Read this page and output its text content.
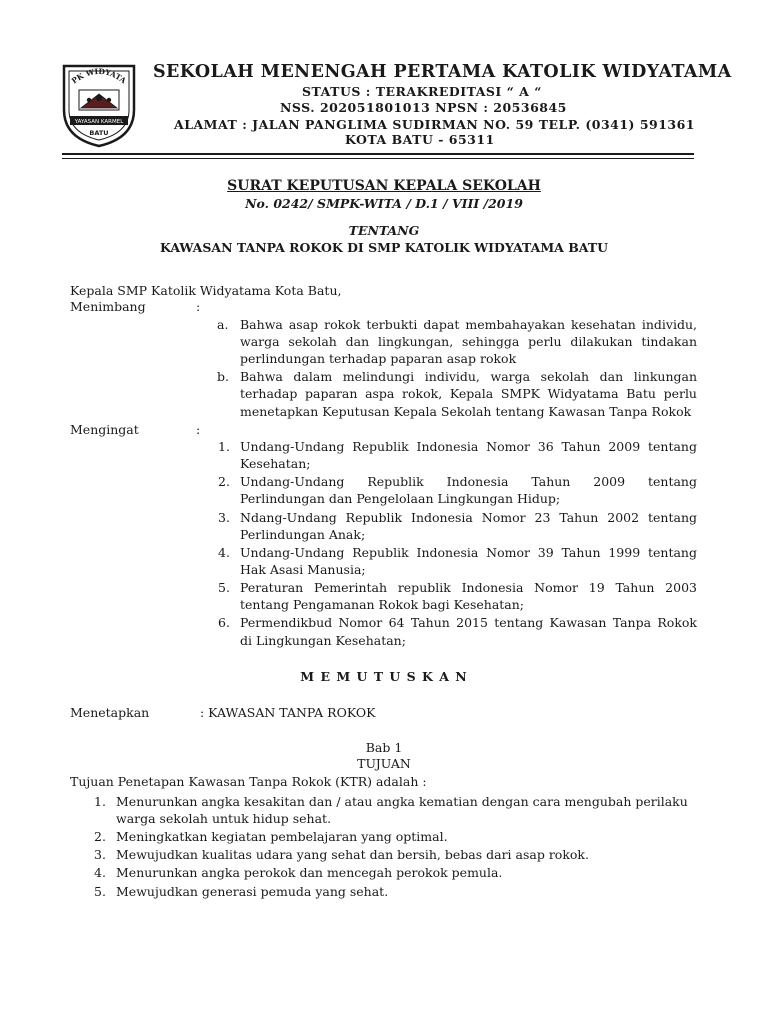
PK WIDYATA
YAYASAN KARMEL
BATU
SEKOLAH MENENGAH PERTAMA KATOLIK WIDYATAMA
STATUS : TERAKREDITASI “ A “
NSS. 202051801013 NPSN : 20536845
ALAMAT : JALAN PANGLIMA SUDIRMAN NO. 59 TELP. (0341) 591361
KOTA BATU - 65311
SURAT KEPUTUSAN KEPALA SEKOLAH
No. 0242/ SMPK-WITA / D.1 / VIII /2019
TENTANG
KAWASAN TANPA ROKOK DI SMP KATOLIK WIDYATAMA BATU
Kepala SMP Katolik Widyatama Kota Batu,
Menimbang	:
a. Bahwa asap rokok terbukti dapat membahayakan kesehatan individu,
warga sekolah dan lingkungan, sehingga perlu dilakukan tindakan
perlindungan terhadap paparan asap rokok
b. Bahwa dalam melindungi individu, warga sekolah dan linkungan
terhadap paparan aspa rokok, Kepala SMPK Widyatama Batu perlu
menetapkan Keputusan Kepala Sekolah tentang Kawasan Tanpa Rokok
Mengingat	:
1. Undang-Undang Republik Indonesia Nomor 36 Tahun 2009 tentang
Kesehatan;
2. Undang-Undang Republik Indonesia Tahun 2009 tentang
Perlindungan dan Pengelolaan Lingkungan Hidup;
3. Ndang-Undang Republik Indonesia Nomor 23 Tahun 2002 tentang
Perlindungan Anak;
4. Undang-Undang Republik Indonesia Nomor 39 Tahun 1999 tentang
Hak Asasi Manusia;
5. Peraturan Pemerintah republik Indonesia Nomor 19 Tahun 2003
tentang Pengamanan Rokok bagi Kesehatan;
6. Permendikbud Nomor 64 Tahun 2015 tentang Kawasan Tanpa Rokok
di Lingkungan Kesehatan;
M E M U T U S K A N
Menetapkan	: KAWASAN TANPA ROKOK
Bab 1
TUJUAN
Tujuan Penetapan Kawasan Tanpa Rokok (KTR) adalah :
1. Menurunkan angka kesakitan dan / atau angka kematian dengan cara mengubah perilaku
warga sekolah untuk hidup sehat.
2. Meningkatkan kegiatan pembelajaran yang optimal.
3. Mewujudkan kualitas udara yang sehat dan bersih, bebas dari asap rokok.
4. Menurunkan angka perokok dan mencegah perokok pemula.
5. Mewujudkan generasi pemuda yang sehat.
